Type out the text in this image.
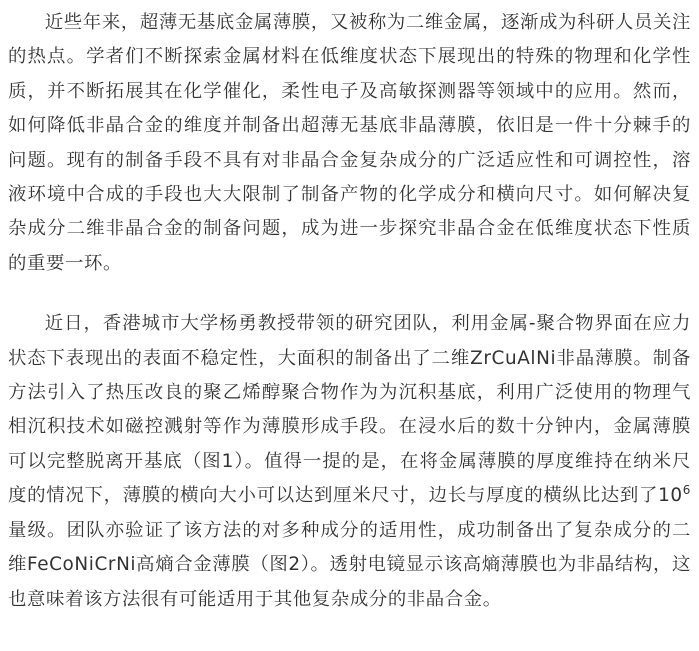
近些年来，超薄无基底金属薄膜，又被称为二维金属，逐渐成为科研人员关注的热点。学者们不断探索金属材料在低维度状态下展现出的特殊的物理和化学性质，并不断拓展其在化学催化，柔性电子及高敏探测器等领域中的应用。然而，如何降低非晶合金的维度并制备出超薄无基底非晶薄膜，依旧是一件十分棘手的问题。现有的制备手段不具有对非晶合金复杂成分的广泛适应性和可调控性，溶液环境中合成的手段也大大限制了制备产物的化学成分和横向尺寸。如何解决复杂成分二维非晶合金的制备问题，成为进一步探究非晶合金在低维度状态下性质的重要一环。

近日，香港城市大学杨勇教授带领的研究团队，利用金属-聚合物界面在应力状态下表现出的表面不稳定性，大面积的制备出了二维ZrCuAlNi非晶薄膜。制备方法引入了热压改良的聚乙烯醇聚合物作为为沉积基底，利用广泛使用的物理气相沉积技术如磁控溅射等作为薄膜形成手段。在浸水后的数十分钟内，金属薄膜可以完整脱离开基底（图1）。值得一提的是，在将金属薄膜的厚度维持在纳米尺度的情况下，薄膜的横向大小可以达到厘米尺寸，边长与厚度的横纵比达到了$10^6$量级。团队亦验证了该方法的对多种成分的适用性，成功制备出了复杂成分的二维FeCoNiCrNi高熵合金薄膜（图2）。透射电镜显示该高熵薄膜也为非晶结构，这也意味着该方法很有可能适用于其他复杂成分的非晶合金。
